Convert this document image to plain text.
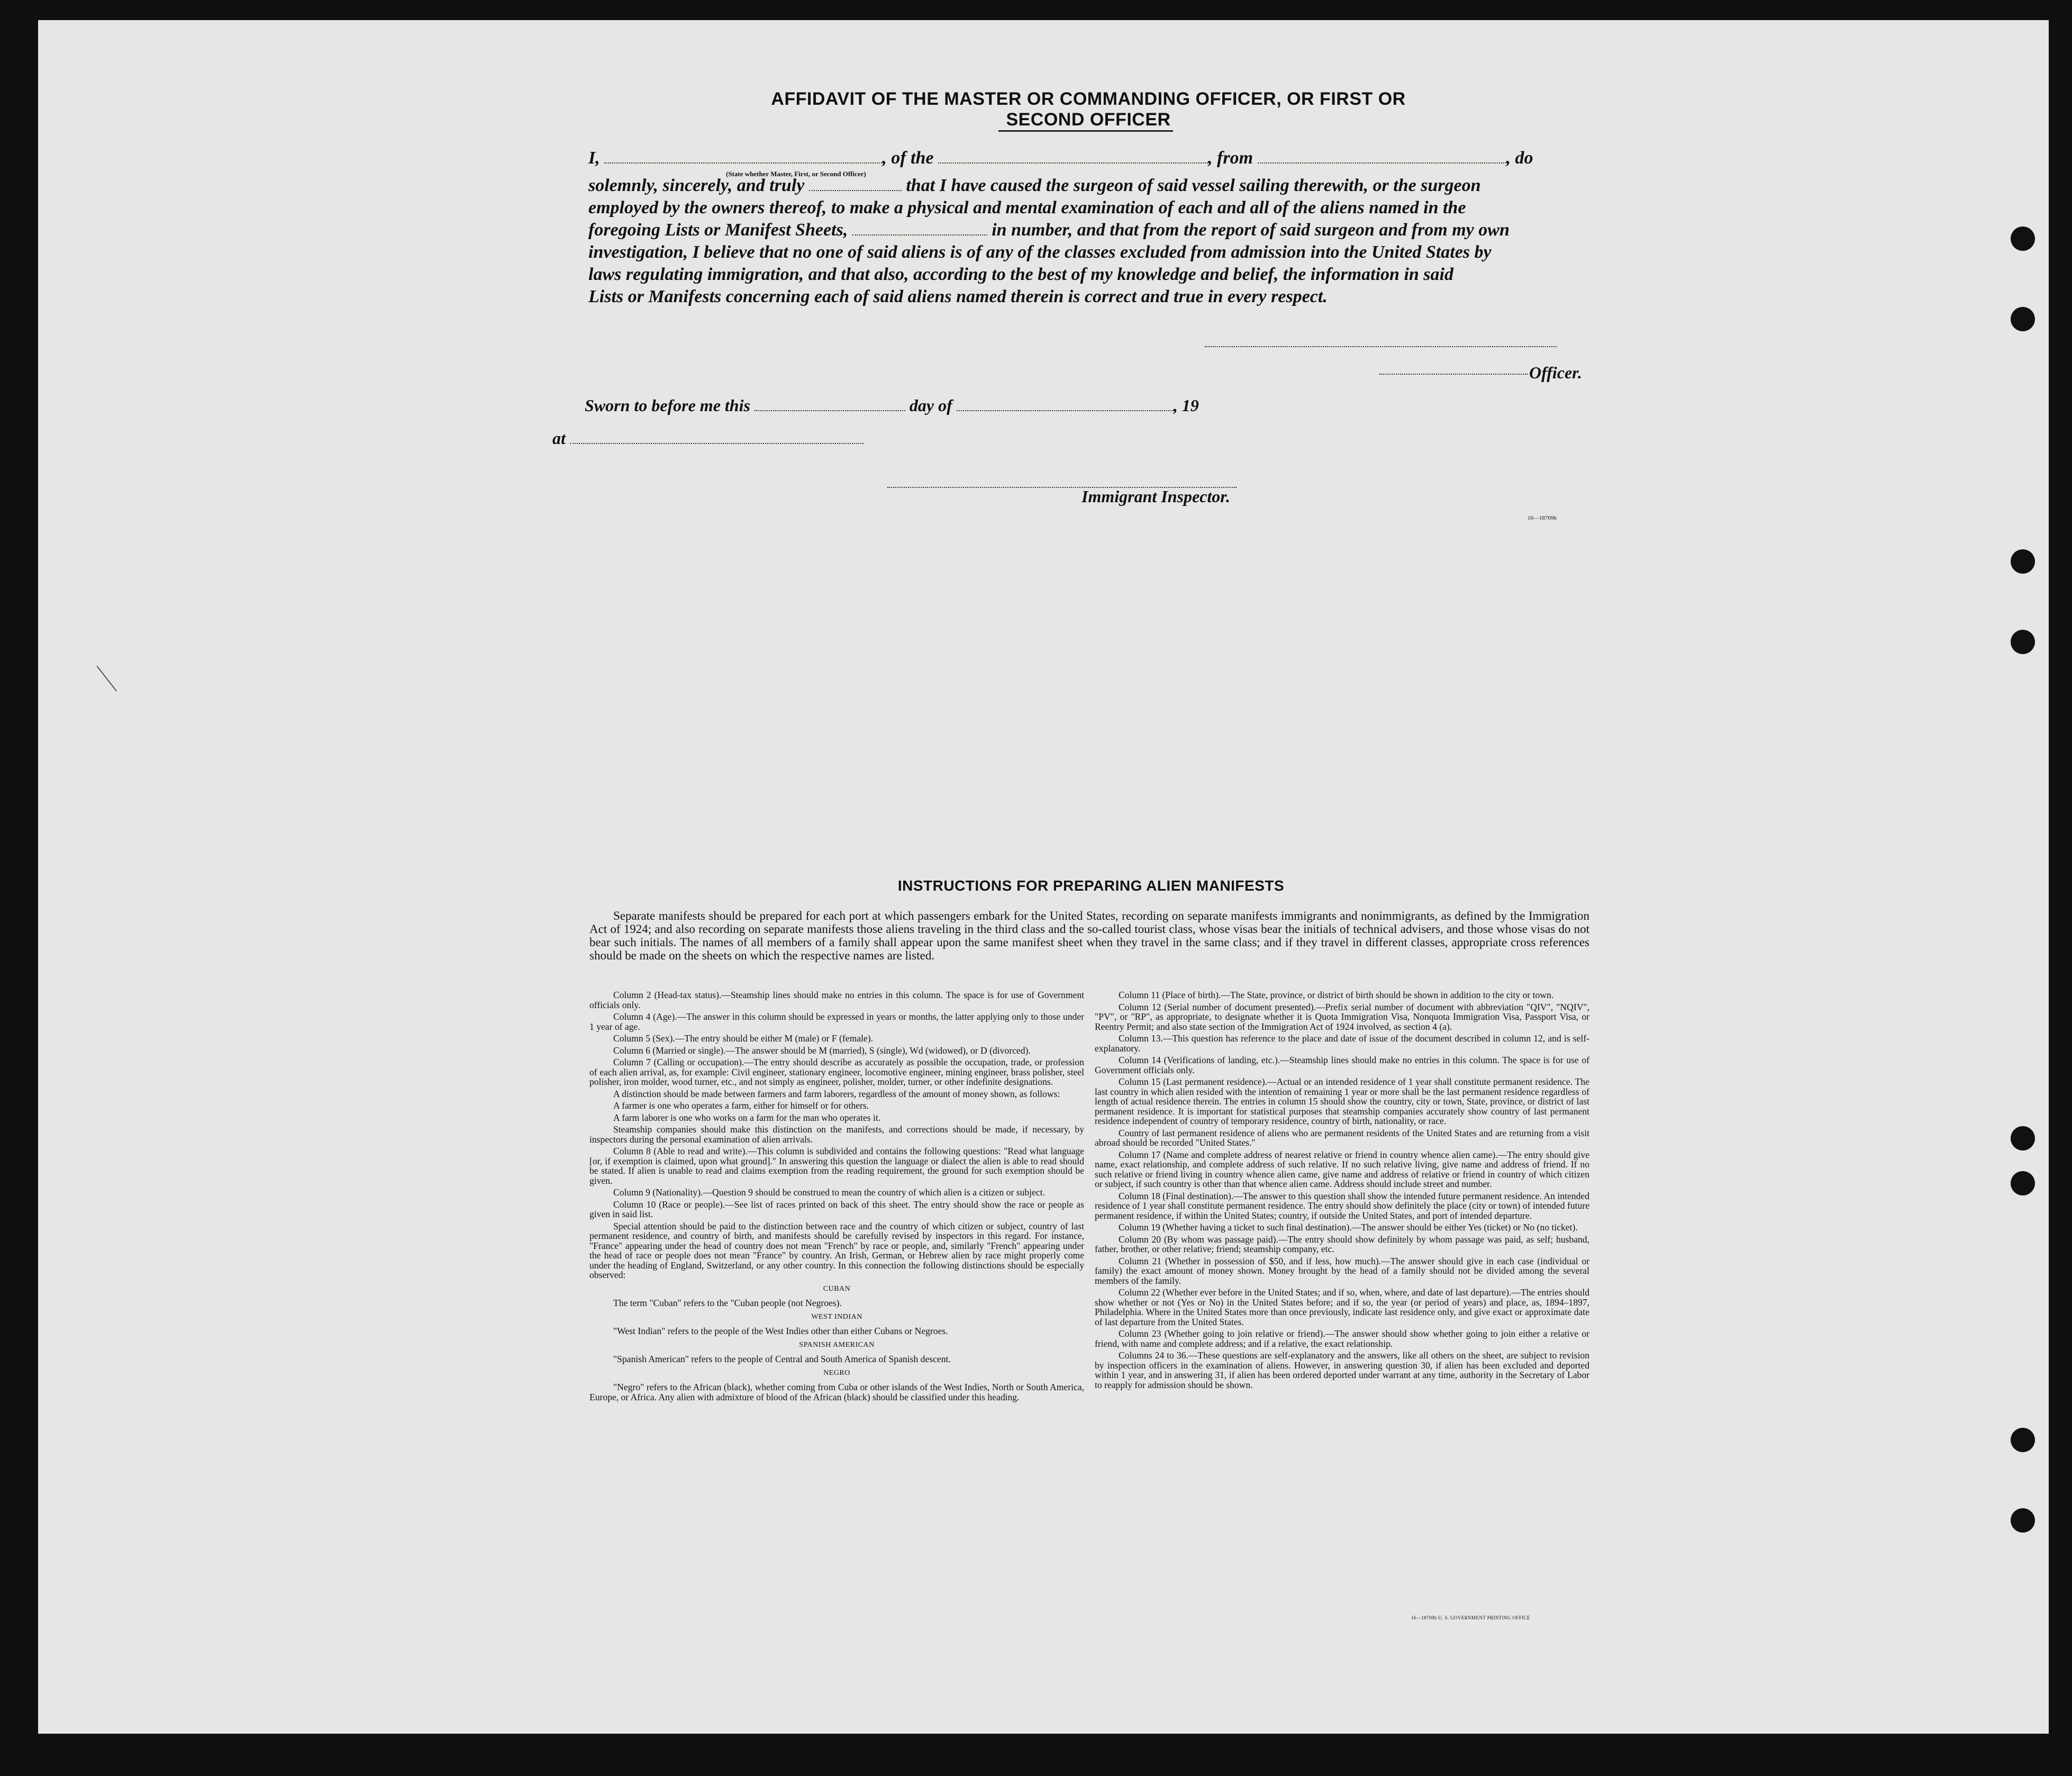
AFFIDAVIT OF THE MASTER OR COMMANDING OFFICER, OR FIRST OR SECOND OFFICER
I,	, of the	, from	, do
(State whether Master, First, or Second Officer)
solemnly, sincerely, and truly	that I have caused the surgeon of said vessel sailing therewith, or the surgeon
employed by the owners thereof, to make a physical and mental examination of each and all of the aliens named in the
foregoing Lists or Manifest Sheets,	in number, and that from the report of said surgeon and from my own
investigation, I believe that no one of said aliens is of any of the classes excluded from admission into the United States by
laws regulating immigration, and that also, according to the best of my knowledge and belief, the information in said
Lists or Manifests concerning each of said aliens named therein is correct and true in every respect.
Officer.
Sworn to before me this	day of	, 19
at
Immigrant Inspector.
16—18709b
INSTRUCTIONS FOR PREPARING ALIEN MANIFESTS
Separate manifests should be prepared for each port at which passengers embark for the United States, recording on separate manifests immigrants and nonimmigrants, as defined by the Immigration Act of 1924; and also recording on separate manifests those aliens traveling in the third class and the so-called tourist class, whose visas bear the initials of technical advisers, and those whose visas do not bear such initials. The names of all members of a family shall appear upon the same manifest sheet when they travel in the same class; and if they travel in different classes, appropriate cross references should be made on the sheets on which the respective names are listed.

Column 2 (Head-tax status).—Steamship lines should make no entries in this column. The space is for use of Government officials only.

Column 4 (Age).—The answer in this column should be expressed in years or months, the latter applying only to those under 1 year of age.

Column 5 (Sex).—The entry should be either M (male) or F (female).

Column 6 (Married or single).—The answer should be M (married), S (single), Wd (widowed), or D (divorced).

Column 7 (Calling or occupation).—The entry should describe as accurately as possible the occupation, trade, or profession of each alien arrival, as, for example: Civil engineer, stationary engineer, locomotive engineer, mining engineer, brass polisher, steel polisher, iron molder, wood turner, etc., and not simply as engineer, polisher, molder, turner, or other indefinite designations.

A distinction should be made between farmers and farm laborers, regardless of the amount of money shown, as follows:

A farmer is one who operates a farm, either for himself or for others.

A farm laborer is one who works on a farm for the man who operates it.

Steamship companies should make this distinction on the manifests, and corrections should be made, if necessary, by inspectors during the personal examination of alien arrivals.

Column 8 (Able to read and write).—This column is subdivided and contains the following questions: "Read what language [or, if exemption is claimed, upon what ground]." In answering this question the language or dialect the alien is able to read should be stated. If alien is unable to read and claims exemption from the reading requirement, the ground for such exemption should be given.

Column 9 (Nationality).—Question 9 should be construed to mean the country of which alien is a citizen or subject.

Column 10 (Race or people).—See list of races printed on back of this sheet. The entry should show the race or people as given in said list.

Special attention should be paid to the distinction between race and the country of which citizen or subject, country of last permanent residence, and country of birth, and manifests should be carefully revised by inspectors in this regard. For instance, "France" appearing under the head of country does not mean "French" by race or people, and, similarly "French" appearing under the head of race or people does not mean "France" by country. An Irish, German, or Hebrew alien by race might properly come under the heading of England, Switzerland, or any other country. In this connection the following distinctions should be especially observed:

CUBAN

The term "Cuban" refers to the "Cuban people (not Negroes).

WEST INDIAN

"West Indian" refers to the people of the West Indies other than either Cubans or Negroes.

SPANISH AMERICAN

"Spanish American" refers to the people of Central and South America of Spanish descent.

NEGRO

"Negro" refers to the African (black), whether coming from Cuba or other islands of the West Indies, North or South America, Europe, or Africa. Any alien with admixture of blood of the African (black) should be classified under this heading.

Column 11 (Place of birth).—The State, province, or district of birth should be shown in addition to the city or town.

Column 12 (Serial number of document presented).—Prefix serial number of document with abbreviation "QIV", "NQIV", "PV", or "RP", as appropriate, to designate whether it is Quota Immigration Visa, Nonquota Immigration Visa, Passport Visa, or Reentry Permit; and also state section of the Immigration Act of 1924 involved, as section 4 (a).

Column 13.—This question has reference to the place and date of issue of the document described in column 12, and is self-explanatory.

Column 14 (Verifications of landing, etc.).—Steamship lines should make no entries in this column. The space is for use of Government officials only.

Column 15 (Last permanent residence).—Actual or an intended residence of 1 year shall constitute permanent residence. The last country in which alien resided with the intention of remaining 1 year or more shall be the last permanent residence regardless of length of actual residence therein. The entries in column 15 should show the country, city or town, State, province, or district of last permanent residence. It is important for statistical purposes that steamship companies accurately show country of last permanent residence independent of country of temporary residence, country of birth, nationality, or race.

Country of last permanent residence of aliens who are permanent residents of the United States and are returning from a visit abroad should be recorded "United States."

Column 17 (Name and complete address of nearest relative or friend in country whence alien came).—The entry should give name, exact relationship, and complete address of such relative. If no such relative living, give name and address of friend. If no such relative or friend living in country whence alien came, give name and address of relative or friend in country of which citizen or subject, if such country is other than that whence alien came. Address should include street and number.

Column 18 (Final destination).—The answer to this question shall show the intended future permanent residence. An intended residence of 1 year shall constitute permanent residence. The entry should show definitely the place (city or town) of intended future permanent residence, if within the United States; country, if outside the United States, and port of intended departure.

Column 19 (Whether having a ticket to such final destination).—The answer should be either Yes (ticket) or No (no ticket).

Column 20 (By whom was passage paid).—The entry should show definitely by whom passage was paid, as self; husband, father, brother, or other relative; friend; steamship company, etc.

Column 21 (Whether in possession of $50, and if less, how much).—The answer should give in each case (individual or family) the exact amount of money shown. Money brought by the head of a family should not be divided among the several members of the family.

Column 22 (Whether ever before in the United States; and if so, when, where, and date of last departure).—The entries should show whether or not (Yes or No) in the United States before; and if so, the year (or period of years) and place, as, 1894–1897, Philadelphia. Where in the United States more than once previously, indicate last residence only, and give exact or approximate date of last departure from the United States.

Column 23 (Whether going to join relative or friend).—The answer should show whether going to join either a relative or friend, with name and complete address; and if a relative, the exact relationship.

Columns 24 to 36.—These questions are self-explanatory and the answers, like all others on the sheet, are subject to revision by inspection officers in the examination of aliens. However, in answering question 30, if alien has been excluded and deported within 1 year, and in answering 31, if alien has been ordered deported under warrant at any time, authority in the Secretary of Labor to reapply for admission should be shown.

16—18709b U. S. GOVERNMENT PRINTING OFFICE
